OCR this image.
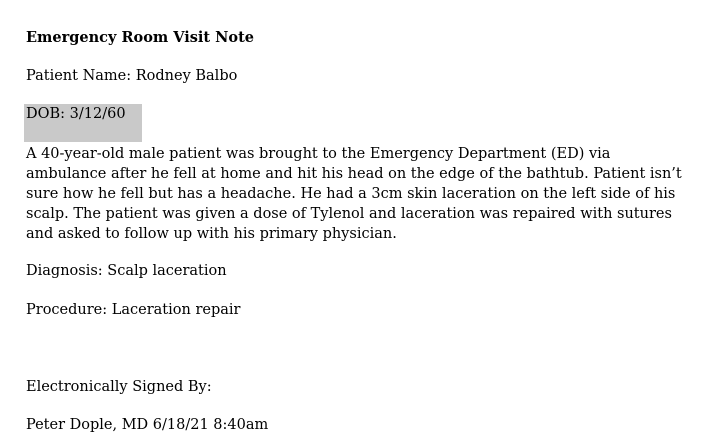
Emergency Room Visit Note
Patient Name: Rodney Balbo
DOB: 3/12/60
A 40-year-old male patient was brought to the Emergency Department (ED) via
ambulance after he fell at home and hit his head on the edge of the bathtub. Patient isn’t
sure how he fell but has a headache. He had a 3cm skin laceration on the left side of his
scalp. The patient was given a dose of Tylenol and laceration was repaired with sutures
and asked to follow up with his primary physician.
Diagnosis: Scalp laceration
Procedure: Laceration repair
Electronically Signed By:
Peter Dople, MD 6/18/21 8:40am
